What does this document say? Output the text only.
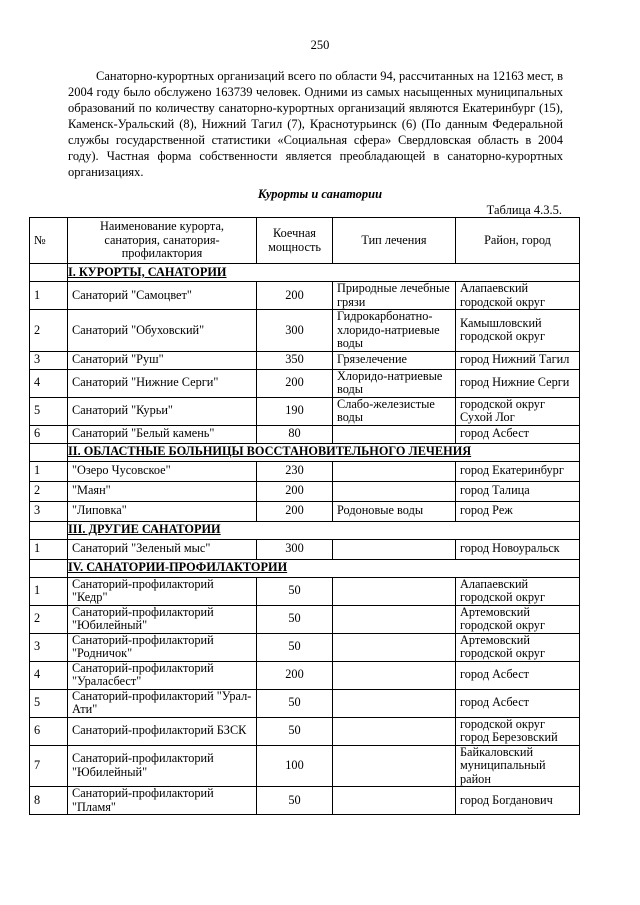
250

Санаторно-курортных организаций всего по области 94, рассчитанных на 12163 мест, в 2004 году было обслужено 163739 человек. Одними из самых насыщенных муниципальных образований по количеству санаторно-курортных организаций являются Екатеринбург (15), Каменск-Уральский (8), Нижний Тагил (7), Краснотурьинск (6) (По данным Федеральной службы государственной статистики «Социальная сфера» Свердловская область в 2004 году). Частная форма собственности является преобладающей в санаторно-курортных организациях.

Курорты и санатории
Таблица 4.3.5.
№	Наименование курорта, санатория, санатория-профилактория	Коечная мощность	Тип лечения	Район, город
	I. КУРОРТЫ, САНАТОРИИ			
1	Санаторий "Самоцвет"	200	Природные лечебные грязи	Алапаевский городской округ
2	Санаторий "Обуховский"	300	Гидрокарбонатно-хлоридо-натриевые воды	Камышловский городской округ
3	Санаторий "Руш"	350	Грязелечение	город Нижний Тагил
4	Санаторий "Нижние Серги"	200	Хлоридо-натриевые воды	город Нижние Серги
5	Санаторий "Курьи"	190	Слабо-железистые воды	городской округ Сухой Лог
6	Санаторий "Белый камень"	80		город Асбест
	II. ОБЛАСТНЫЕ БОЛЬНИЦЫ ВОССТАНОВИТЕЛЬНОГО ЛЕЧЕНИЯ			
1	"Озеро Чусовское"	230		город Екатеринбург
2	"Маян"	200		город Талица
3	"Липовка"	200	Родоновые воды	город Реж
	III. ДРУГИЕ САНАТОРИИ			
1	Санаторий "Зеленый мыс"	300		город Новоуральск
	IV. САНАТОРИИ-ПРОФИЛАКТОРИИ			
1	Санаторий-профилакторий "Кедр"	50		Алапаевский городской округ
2	Санаторий-профилакторий "Юбилейный"	50		Артемовский городской округ
3	Санаторий-профилакторий "Родничок"	50		Артемовский городской округ
4	Санаторий-профилакторий "Ураласбест"	200		город Асбест
5	Санаторий-профилакторий "Урал-Ати"	50		город Асбест
6	Санаторий-профилакторий БЗСК	50		городской округ город Березовский
7	Санаторий-профилакторий "Юбилейный"	100		Байкаловский муниципальный район
8	Санаторий-профилакторий "Пламя"	50		город Богданович
